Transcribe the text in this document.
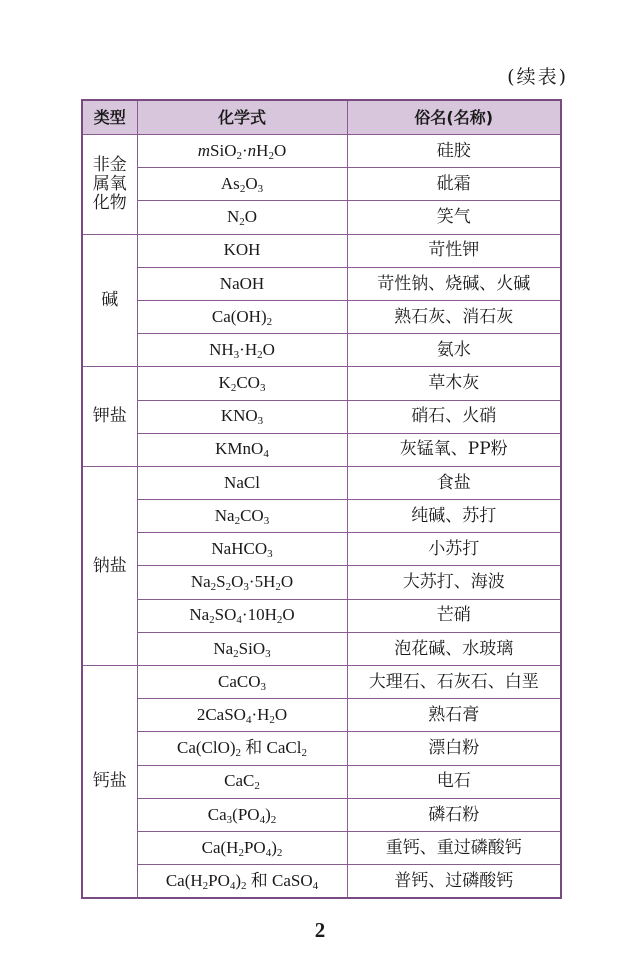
(续表)
类型	化学式	俗名(名称)

非金
属氧
化物	$mSiO_2\cdot nH_2O$	硅胶
	$As_2O_3$	砒霜
	$N_2O$	笑气

碱	KOH	苛性钾
	NaOH	苛性钠、烧碱、火碱
	$Ca(OH)_2$	熟石灰、消石灰
	$NH_3\cdot H_2O$	氨水

钾盐	$K_2CO_3$	草木灰
	$KNO_3$	硝石、火硝
	KMnO$_4$	灰锰氧、PP粉

钠盐	NaCl	食盐
	$Na_2CO_3$	纯碱、苏打
	NaHCO$_3$	小苏打
	$Na_2S_2O_3\cdot 5H_2O$	大苏打、海波
	$Na_2SO_4\cdot 10H_2O$	芒硝
	$Na_2SiO_3$	泡花碱、水玻璃

钙盐	CaCO$_3$	大理石、石灰石、白垩
	$2CaSO_4\cdot H_2O$	熟石膏
	$Ca(ClO)_2$ 和 CaCl$_2$	漂白粉
	CaC$_2$	电石
	$Ca_3(PO_4)_2$	磷石粉
	$Ca(H_2PO_4)_2$	重钙、重过磷酸钙
	$Ca(H_2PO_4)_2$ 和 CaSO$_4$	普钙、过磷酸钙
2
